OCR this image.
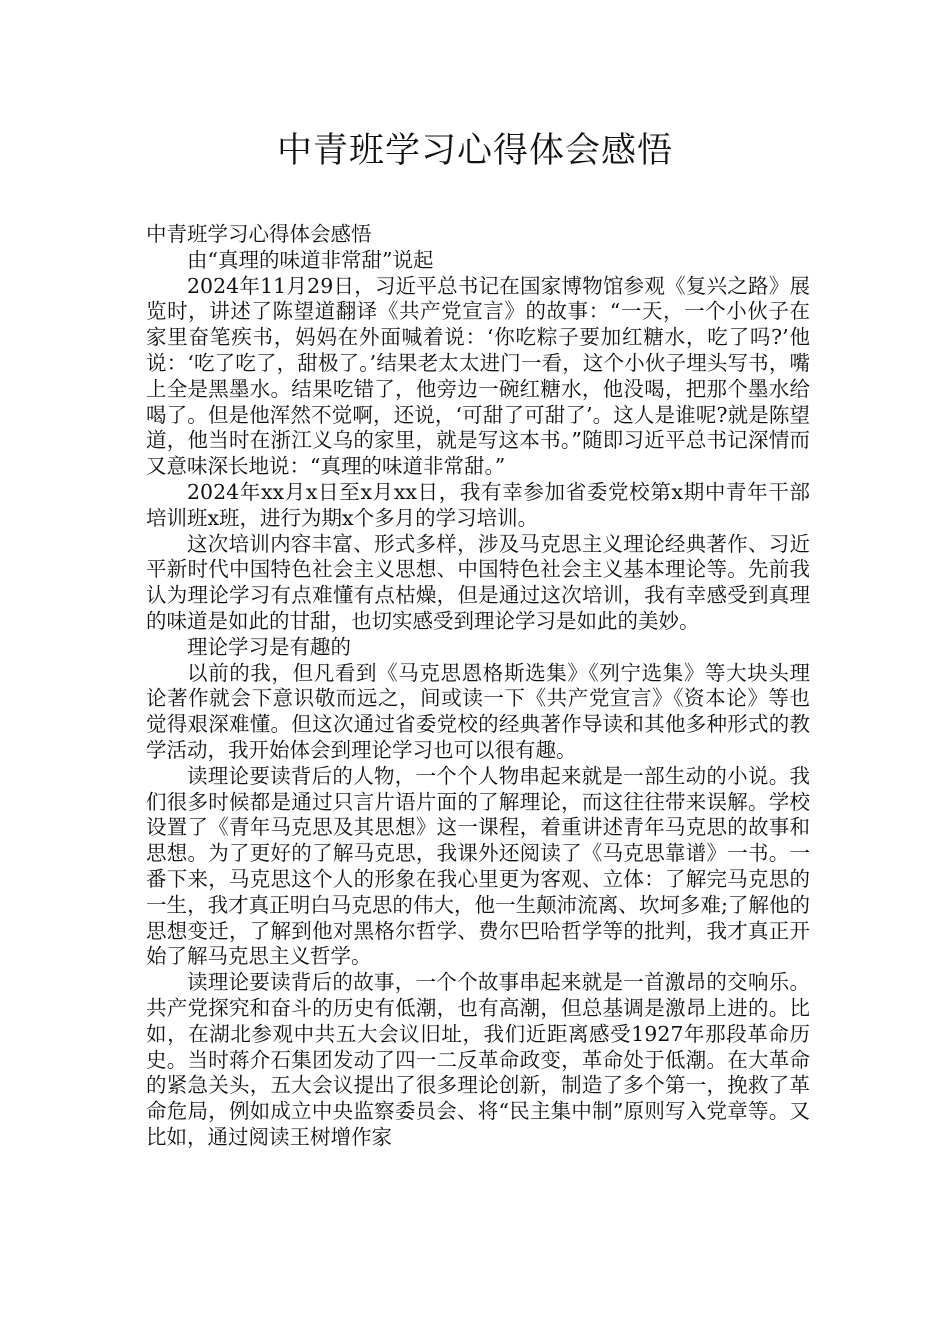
中青班学习心得体会感悟

中青班学习心得体会感悟

由“真理的味道非常甜”说起

2024年11月29日，习近平总书记在国家博物馆参观《复兴之路》展览时，讲述了陈望道翻译《共产党宣言》的故事：“一天，一个小伙子在家里奋笔疾书，妈妈在外面喊着说：‘你吃粽子要加红糖水，吃了吗?’他说：‘吃了吃了，甜极了。’结果老太太进门一看，这个小伙子埋头写书，嘴上全是黑墨水。结果吃错了，他旁边一碗红糖水，他没喝，把那个墨水给喝了。但是他浑然不觉啊，还说，‘可甜了可甜了’。这人是谁呢?就是陈望道，他当时在浙江义乌的家里，就是写这本书。”随即习近平总书记深情而又意味深长地说：“真理的味道非常甜。”

2024年xx月x日至x月xx日，我有幸参加省委党校第x期中青年干部培训班x班，进行为期x个多月的学习培训。

这次培训内容丰富、形式多样，涉及马克思主义理论经典著作、习近平新时代中国特色社会主义思想、中国特色社会主义基本理论等。先前我认为理论学习有点难懂有点枯燥，但是通过这次培训，我有幸感受到真理的味道是如此的甘甜，也切实感受到理论学习是如此的美妙。

理论学习是有趣的

以前的我，但凡看到《马克思恩格斯选集》《列宁选集》等大块头理论著作就会下意识敬而远之，间或读一下《共产党宣言》《资本论》等也觉得艰深难懂。但这次通过省委党校的经典著作导读和其他多种形式的教学活动，我开始体会到理论学习也可以很有趣。

读理论要读背后的人物，一个个人物串起来就是一部生动的小说。我们很多时候都是通过只言片语片面的了解理论，而这往往带来误解。学校设置了《青年马克思及其思想》这一课程，着重讲述青年马克思的故事和思想。为了更好的了解马克思，我课外还阅读了《马克思靠谱》一书。一番下来，马克思这个人的形象在我心里更为客观、立体：了解完马克思的一生，我才真正明白马克思的伟大，他一生颠沛流离、坎坷多难;了解他的思想变迁，了解到他对黑格尔哲学、费尔巴哈哲学等的批判，我才真正开始了解马克思主义哲学。

读理论要读背后的故事，一个个故事串起来就是一首激昂的交响乐。共产党探究和奋斗的历史有低潮，也有高潮，但总基调是激昂上进的。比如，在湖北参观中共五大会议旧址，我们近距离感受1927年那段革命历史。当时蒋介石集团发动了四一二反革命政变，革命处于低潮。在大革命的紧急关头，五大会议提出了很多理论创新，制造了多个第一，挽救了革命危局，例如成立中央监察委员会、将“民主集中制”原则写入党章等。又比如，通过阅读王树增作家
